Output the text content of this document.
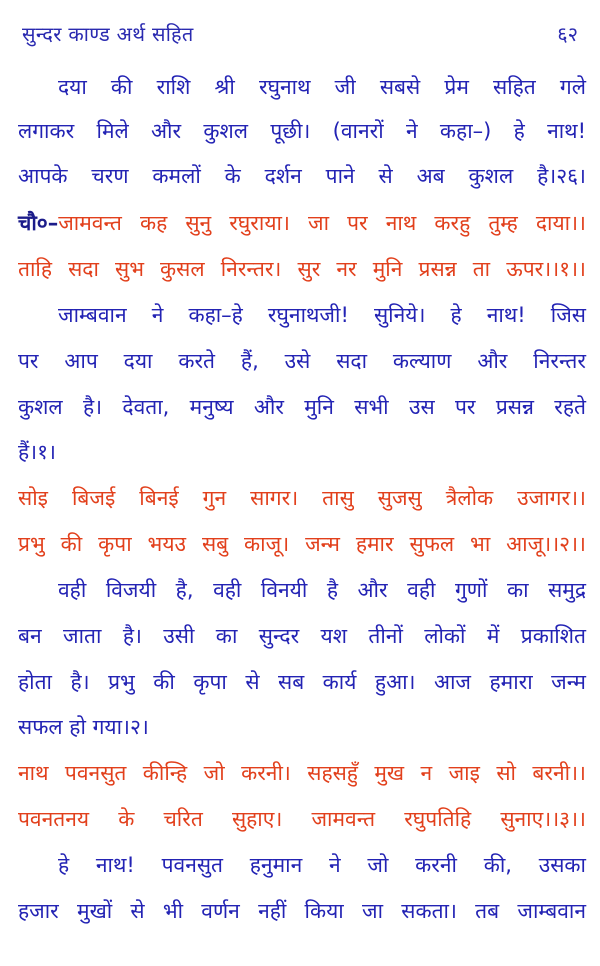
सुन्दर काण्ड अर्थ सहित	६२
दया की राशि श्री रघुनाथ जी सबसे प्रेम सहित गले
लगाकर मिले और कुशल पूछी। (वानरों ने कहा–) हे नाथ!
आपके चरण कमलों के दर्शन पाने से अब कुशल है।२६।
चौ०–जामवन्त कह सुनु रघुराया। जा पर नाथ करहु तुम्ह दाया।।
ताहि सदा सुभ कुसल निरन्तर। सुर नर मुनि प्रसन्न ता ऊपर।।१।।
जाम्बवान ने कहा–हे रघुनाथजी! सुनिये। हे नाथ! जिस
पर आप दया करते हैं, उसे सदा कल्याण और निरन्तर
कुशल है। देवता, मनुष्य और मुनि सभी उस पर प्रसन्न रहते
हैं।१।
सोइ बिजई बिनई गुन सागर। तासु सुजसु त्रैलोक उजागर।।
प्रभु की कृपा भयउ सबु काजू। जन्म हमार सुफल भा आजू।।२।।
वही विजयी है, वही विनयी है और वही गुणों का समुद्र
बन जाता है। उसी का सुन्दर यश तीनों लोकों में प्रकाशित
होता है। प्रभु की कृपा से सब कार्य हुआ। आज हमारा जन्म
सफल हो गया।२।
नाथ पवनसुत कीन्हि जो करनी। सहसहुँ मुख न जाइ सो बरनी।।
पवनतनय के चरित सुहाए। जामवन्त रघुपतिहि सुनाए।।३।।
हे नाथ! पवनसुत हनुमान ने जो करनी की, उसका
हजार मुखों से भी वर्णन नहीं किया जा सकता। तब जाम्बवान
